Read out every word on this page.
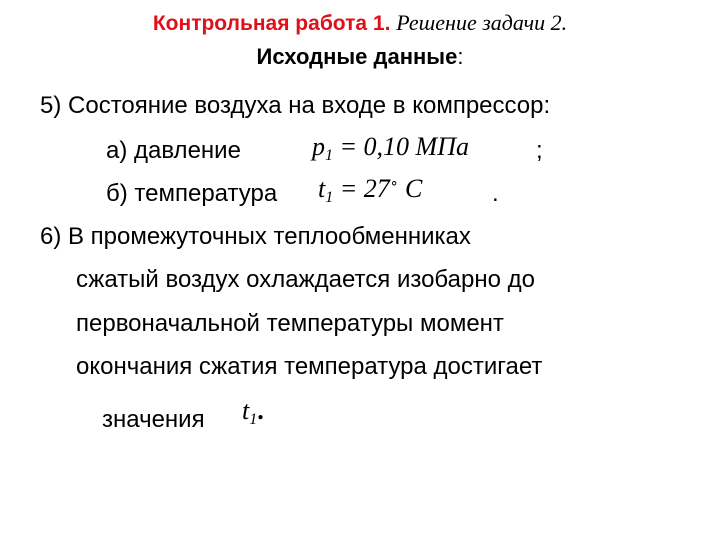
Контрольная работа 1. Решение задачи 2.
Исходные данные:
5) Состояние воздуха на входе в компрессор:
а) давление	$p_1 = 0,10$ МПа	;
б) температура $t_1 = 27^\circ$ C	.
6) В промежуточных теплообменниках
сжатый воздух охлаждается изобарно до
первоначальной температуры момент
окончания сжатия температура достигает
значения $t_1$.
